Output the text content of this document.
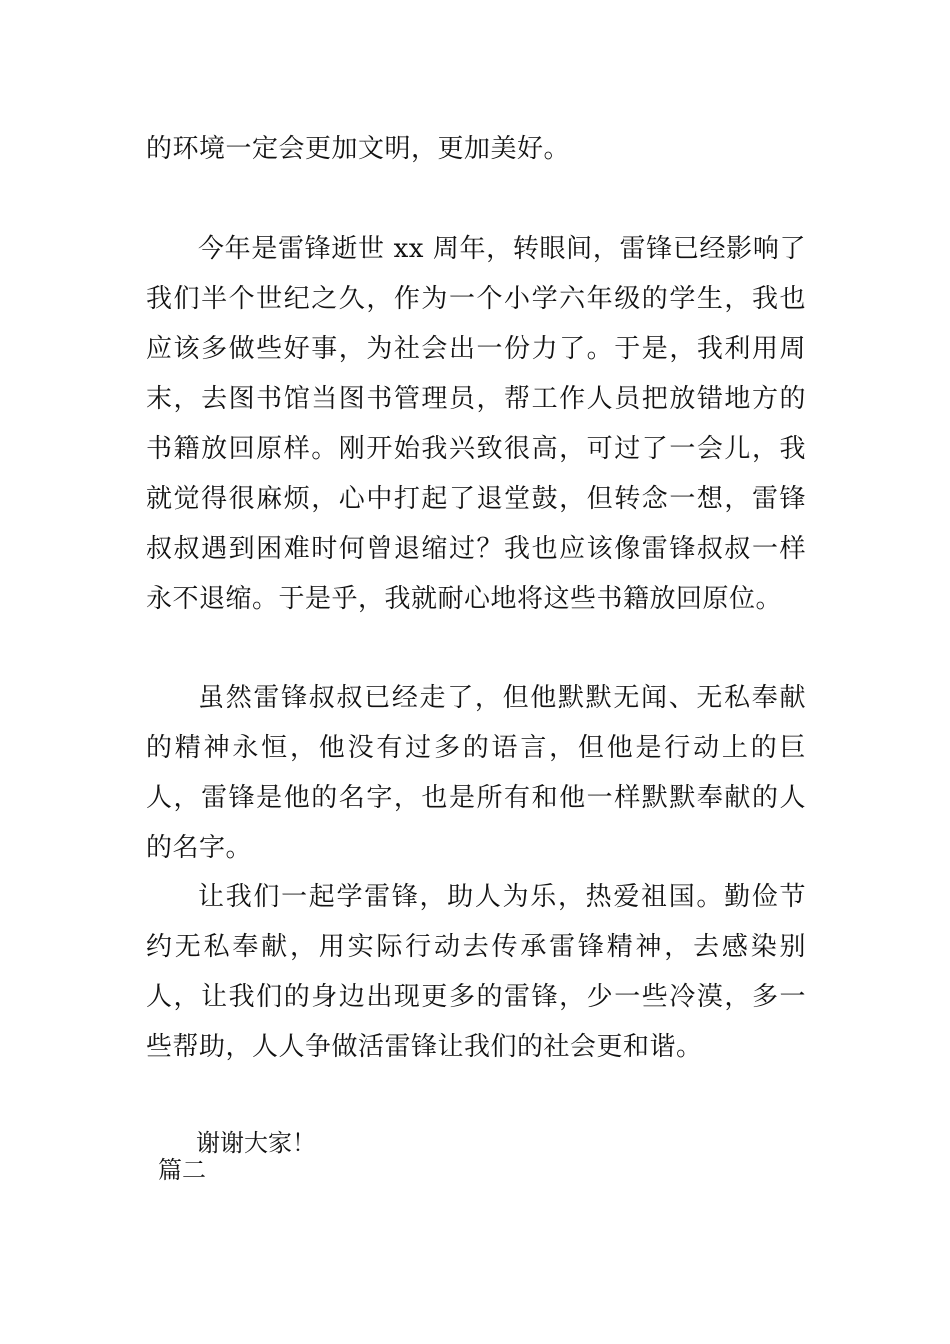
的环境一定会更加文明，更加美好。

今年是雷锋逝世 xx 周年，转眼间，雷锋已经影响了我们半个世纪之久，作为一个小学六年级的学生，我也应该多做些好事，为社会出一份力了。于是，我利用周末，去图书馆当图书管理员，帮工作人员把放错地方的书籍放回原样。刚开始我兴致很高，可过了一会儿，我就觉得很麻烦，心中打起了退堂鼓，但转念一想，雷锋叔叔遇到困难时何曾退缩过？我也应该像雷锋叔叔一样永不退缩。于是乎，我就耐心地将这些书籍放回原位。

虽然雷锋叔叔已经走了，但他默默无闻、无私奉献的精神永恒，他没有过多的语言，但他是行动上的巨人，雷锋是他的名字，也是所有和他一样默默奉献的人的名字。

让我们一起学雷锋，助人为乐，热爱祖国。勤俭节约无私奉献，用实际行动去传承雷锋精神，去感染别人，让我们的身边出现更多的雷锋，少一些冷漠，多一些帮助，人人争做活雷锋让我们的社会更和谐。

谢谢大家！

篇二
